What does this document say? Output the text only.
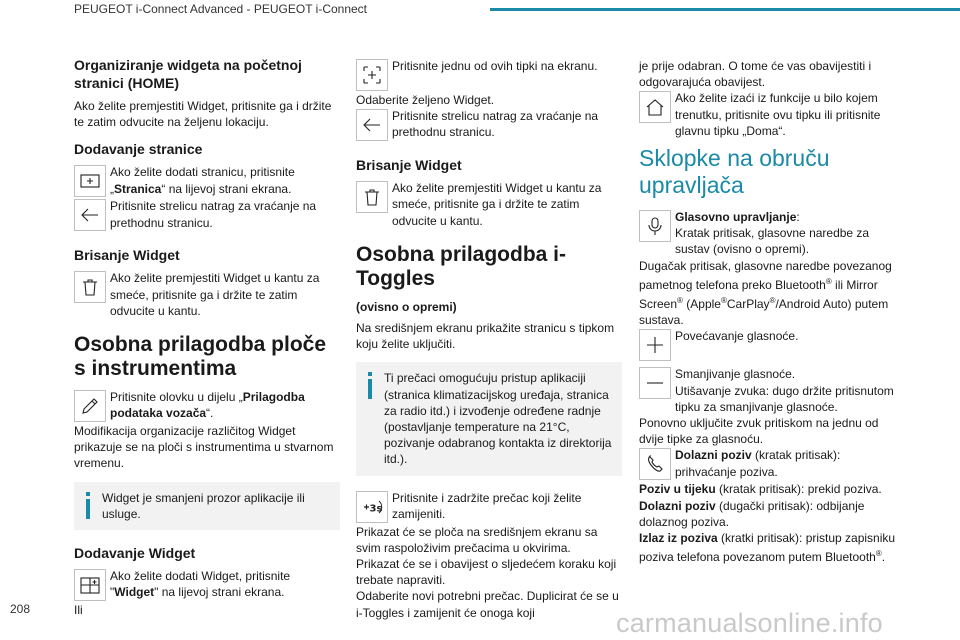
PEUGEOT i-Connect Advanced - PEUGEOT i-Connect
Organiziranje widgeta na početnoj stranici (HOME)

Ako želite premjestiti Widget, pritisnite ga i držite te zatim odvucite na željenu lokaciju.

Dodavanje stranice
Ako želite dodati stranicu, pritisnite „Stranica“ na lijevoj strani ekrana.
Pritisnite strelicu natrag za vraćanje na prethodnu stranicu.
Brisanje Widget
Ako želite premjestiti Widget u kantu za smeće, pritisnite ga i držite te zatim odvucite u kantu.
Osobna prilagodba ploče s instrumentima
Pritisnite olovku u dijelu „Prilagodba podataka vozača“.

Modifikacija organizacije različitog Widget prikazuje se na ploči s instrumentima u stvarnom vremenu.

Widget je smanjeni prozor aplikacije ili usluge.
Dodavanje Widget
Ako želite dodati Widget, pritisnite "Widget" na lijevoj strani ekrana.
Ili
Pritisnite jednu od ovih tipki na ekranu.
Odaberite željeno Widget.
Pritisnite strelicu natrag za vraćanje na prethodnu stranicu.
Brisanje Widget
Ako želite premjestiti Widget u kantu za smeće, pritisnite ga i držite te zatim odvucite u kantu.
Osobna prilagodba i-Toggles
(ovisno o opremi)

Na središnjem ekranu prikažite stranicu s tipkom koju želite uključiti.

Ti prečaci omogućuju pristup aplikaciji (stranica klimatizacijskog uređaja, stranica za radio itd.) i izvođenje određene radnje (postavljanje temperature na 21°C, pozivanje odabranog kontakta iz direktorija itd.).
3s
Pritisnite i zadržite prečac koji želite zamijeniti.
Prikazat će se ploča na središnjem ekranu sa svim raspoloživim prečacima u okvirima.
Prikazat će se i obavijest o sljedećem koraku koji trebate napraviti.
Odaberite novi potrebni prečac. Duplicirat će se u i-Toggles i zamijenit će onoga koji
je prije odabran. O tome će vas obavijestiti i odgovarajuća obavijest.
Ako želite izaći iz funkcije u bilo kojem trenutku, pritisnite ovu tipku ili pritisnite glavnu tipku „Doma“.
Sklopke na obruču upravljača
Glasovno upravljanje:
Kratak pritisak, glasovne naredbe za sustav (ovisno o opremi).
Dugačak pritisak, glasovne naredbe povezanog pametnog telefona preko Bluetooth® ili Mirror Screen® (Apple®CarPlay®/Android Auto) putem sustava.
Povećavanje glasnoće.
Smanjivanje glasnoće.
Utišavanje zvuka: dugo držite pritisnutom tipku za smanjivanje glasnoće.
Ponovno uključite zvuk pritiskom na jednu od dvije tipke za glasnoću.
Dolazni poziv (kratak pritisak): prihvaćanje poziva.
Poziv u tijeku (kratak pritisak): prekid poziva.
Dolazni poziv (dugački pritisak): odbijanje dolaznog poziva.
Izlaz iz poziva (kratki pritisak): pristup zapisniku poziva telefona povezanom putem Bluetooth®.
208	carmanualsonline.info
